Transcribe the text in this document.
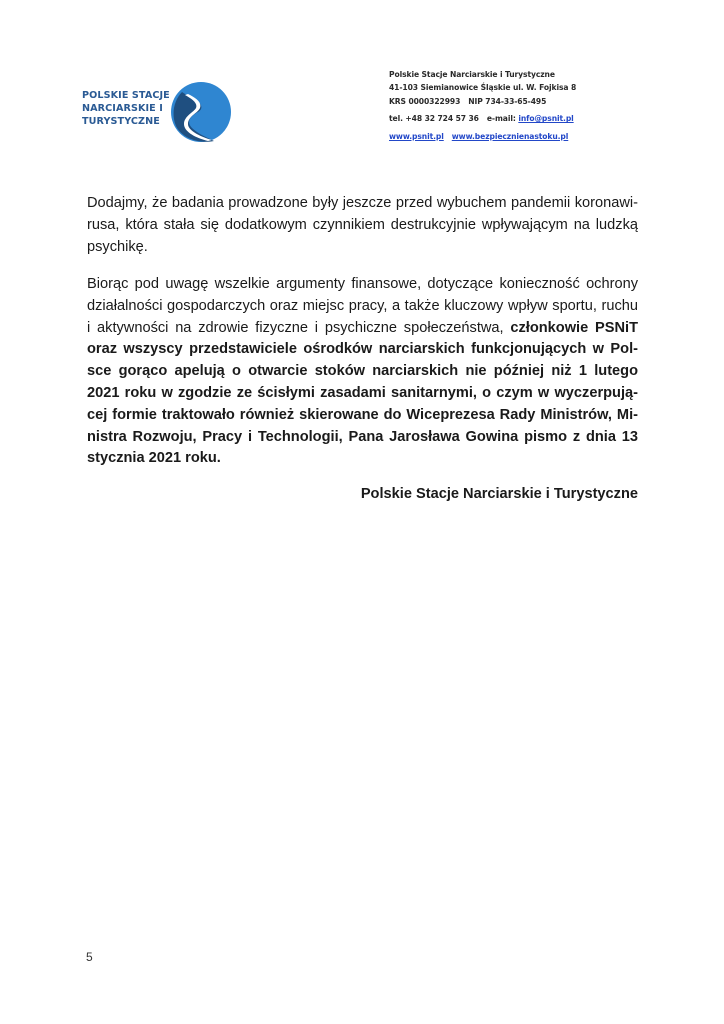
POLSKIE STACJE
NARCIARSKIE I
TURYSTYCZNE
Polskie Stacje Narciarskie i Turystyczne
41-103 Siemianowice Śląskie ul. W. Fojkisa 8
KRS 0000322993 NIP 734-33-65-495
tel. +48 32 724 57 36 e-mail: info@psnit.pl
www.psnit.pl www.bezpiecznienastoku.pl
Dodajmy, że badania prowadzone były jeszcze przed wybuchem pandemii koronawi-
rusa, która stała się dodatkowym czynnikiem destrukcyjnie wpływającym na ludzką
psychikę.
Biorąc pod uwagę wszelkie argumenty finansowe, dotyczące konieczność ochrony
działalności gospodarczych oraz miejsc pracy, a także kluczowy wpływ sportu, ruchu
i aktywności na zdrowie fizyczne i psychiczne społeczeństwa, członkowie PSNiT
oraz wszyscy przedstawiciele ośrodków narciarskich funkcjonujących w Pol-
sce gorąco apelują o otwarcie stoków narciarskich nie później niż 1 lutego
2021 roku w zgodzie ze ścisłymi zasadami sanitarnymi, o czym w wyczerpują-
cej formie traktowało również skierowane do Wiceprezesa Rady Ministrów, Mi-
nistra Rozwoju, Pracy i Technologii, Pana Jarosława Gowina pismo z dnia 13
stycznia 2021 roku.
Polskie Stacje Narciarskie i Turystyczne
5
